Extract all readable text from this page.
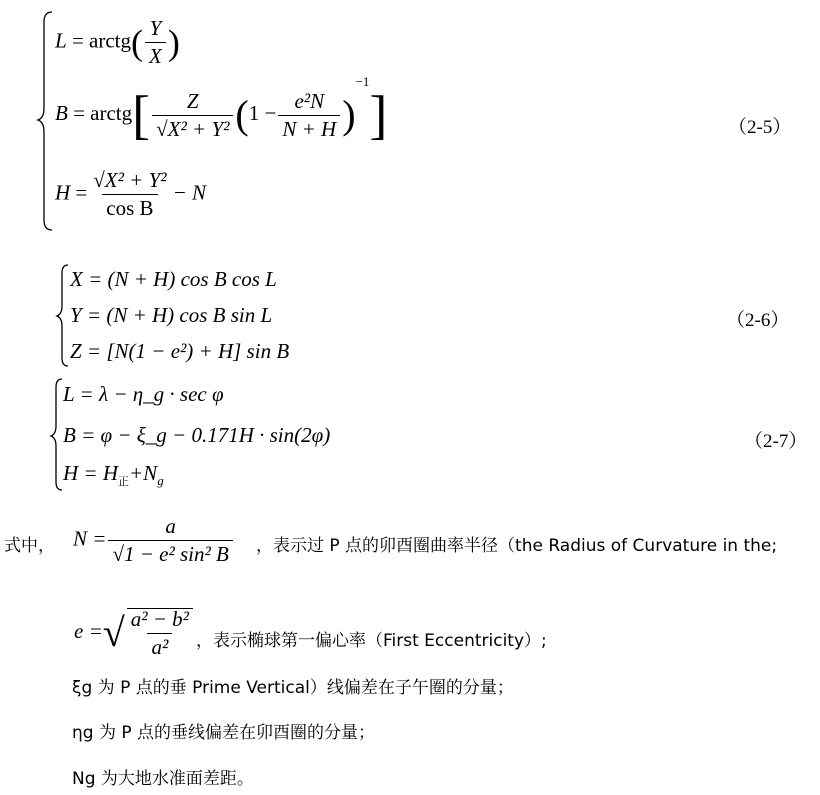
L = arctg( $\frac{Y}{X}$ )
B = arctg[ $\frac{Z}{\text{√X² + Y²}} (1 - \frac{\text{e²N}}{N + H} )^{-1}$]
$H = \frac{\text{√X² + Y²}}{\text{cos B}} - N$
（2-5）
X = (N + H) cos B cos L
Y = (N + H) cos B sin L
Z = [N(1 − e²) + H] sin B
（2-6）
L = λ − η_g · sec φ
B = φ − ξ_g − 0.171H · sin(2φ)
$H = H_正+N_g$
（2-7）
式中， $N = \frac{a}{\text{√1 − e² sin² B}}$ ，表示过 P 点的卯酉圈曲率半径（the Radius of Curvature in the;
e =√ $\frac{\text{a² − b²}}{\text{a²}}$ ，表示椭球第一偏心率（First Eccentricity）;
ξg 为 P 点的垂 Prime Vertical）线偏差在子午圈的分量；
ηg 为 P 点的垂线偏差在卯酉圈的分量；
Ng 为大地水准面差距。
